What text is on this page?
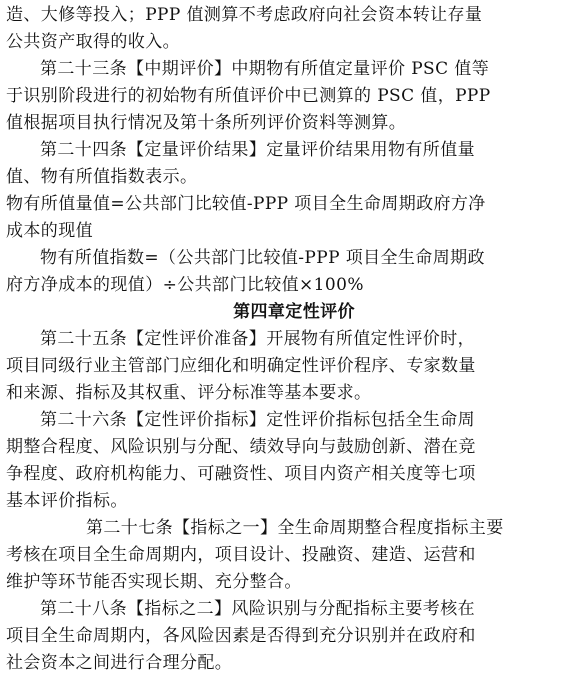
造、大修等投入；PPP 值测算不考虑政府向社会资本转让存量
公共资产取得的收入。
第二十三条【中期评价】中期物有所值定量评价 PSC 值等
于识别阶段进行的初始物有所值评价中已测算的 PSC 值，PPP
值根据项目执行情况及第十条所列评价资料等测算。
第二十四条【定量评价结果】定量评价结果用物有所值量
值、物有所值指数表示。
物有所值量值=公共部门比较值-PPP 项目全生命周期政府方净
成本的现值
物有所值指数=（公共部门比较值-PPP 项目全生命周期政
府方净成本的现值）÷公共部门比较值×100%
第四章定性评价
第二十五条【定性评价准备】开展物有所值定性评价时，
项目同级行业主管部门应细化和明确定性评价程序、专家数量
和来源、指标及其权重、评分标准等基本要求。
第二十六条【定性评价指标】定性评价指标包括全生命周
期整合程度、风险识别与分配、绩效导向与鼓励创新、潜在竞
争程度、政府机构能力、可融资性、项目内资产相关度等七项
基本评价指标。
第二十七条【指标之一】全生命周期整合程度指标主要
考核在项目全生命周期内，项目设计、投融资、建造、运营和
维护等环节能否实现长期、充分整合。
第二十八条【指标之二】风险识别与分配指标主要考核在
项目全生命周期内，各风险因素是否得到充分识别并在政府和
社会资本之间进行合理分配。
